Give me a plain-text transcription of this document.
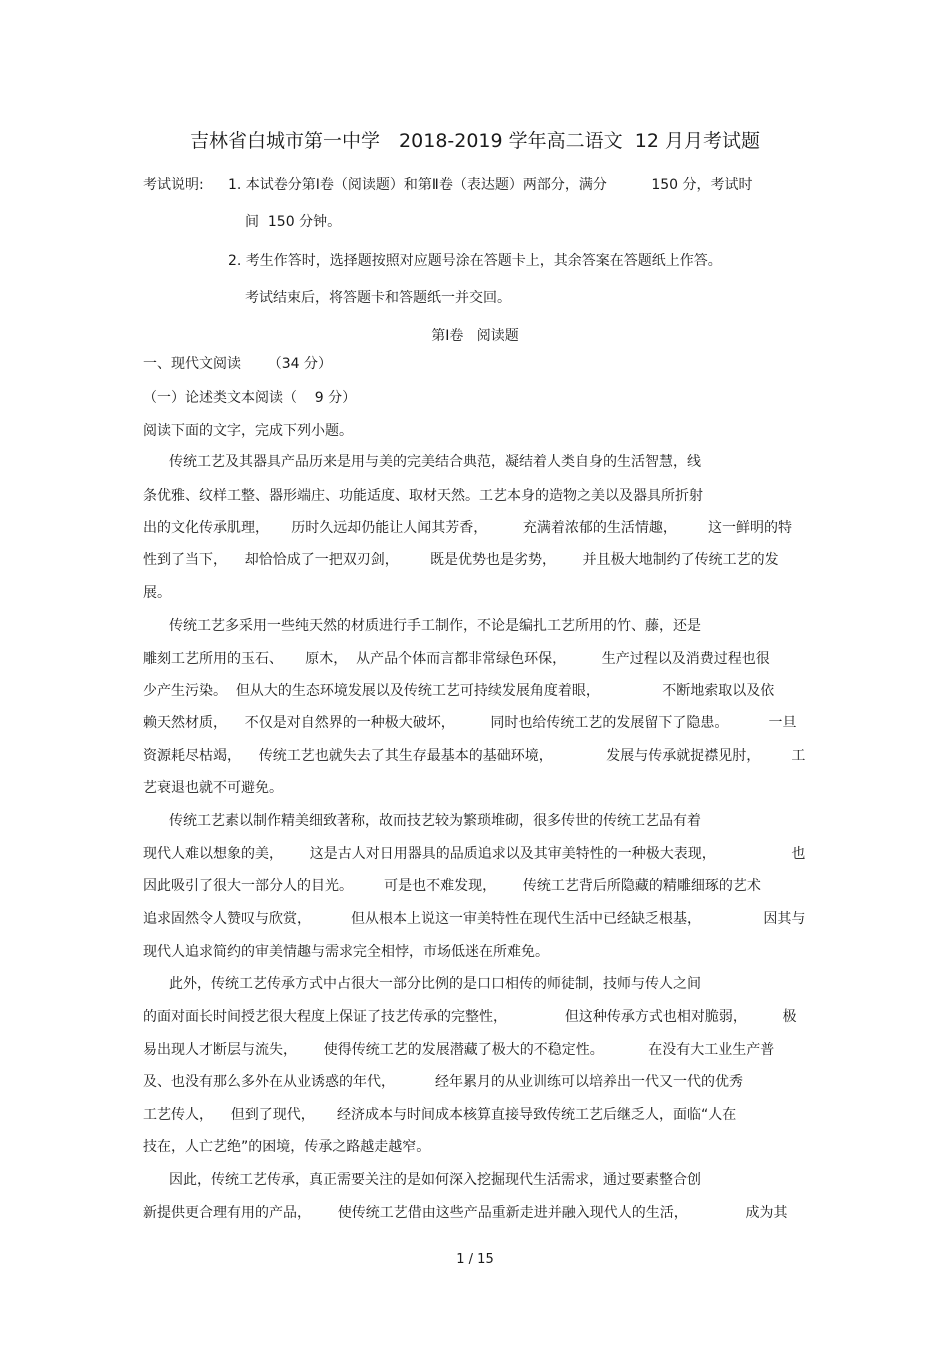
吉林省白城市第一中学　2018-2019 学年高二语文  12 月月考试题
考试说明: 1. 本试卷分第Ⅰ卷（阅读题）和第Ⅱ卷（表达题）两部分，满分          150 分，考试时
间  150 分钟。
2. 考生作答时，选择题按照对应题号涂在答题卡上，其余答案在答题纸上作答。
考试结束后，将答题卡和答题纸一并交回。
第Ⅰ卷   阅读题
一、现代文阅读      （34 分）
（一）论述类文本阅读（    9 分）
阅读下面的文字，完成下列小题。
传统工艺及其器具产品历来是用与美的完美结合典范，凝结着人类自身的生活智慧，线
条优雅、纹样工整、器形端庄、功能适度、取材天然。工艺本身的造物之美以及器具所折射
出的文化传承肌理，     历时久远却仍能让人闻其芳香，        充满着浓郁的生活情趣，       这一鲜明的特
性到了当下，    却恰恰成了一把双刃剑，       既是优势也是劣势，      并且极大地制约了传统工艺的发
展。
传统工艺多采用一些纯天然的材质进行手工制作，不论是编扎工艺所用的竹、藤，还是
雕刻工艺所用的玉石、     原木，  从产品个体而言都非常绿色环保，        生产过程以及消费过程也很
少产生污染。  但从大的生态环境发展以及传统工艺可持续发展角度着眼，              不断地索取以及依
赖天然材质，    不仅是对自然界的一种极大破坏，        同时也给传统工艺的发展留下了隐患。         一旦
资源耗尽枯竭，    传统工艺也就失去了其生存最基本的基础环境，            发展与传承就捉襟见肘，       工
艺衰退也就不可避免。
传统工艺素以制作精美细致著称，故而技艺较为繁琐堆砌，很多传世的传统工艺品有着
现代人难以想象的美，      这是古人对日用器具的品质追求以及其审美特性的一种极大表现，                 也
因此吸引了很大一部分人的目光。       可是也不难发现，      传统工艺背后所隐藏的精雕细琢的艺术
追求固然令人赞叹与欣赏，         但从根本上说这一审美特性在现代生活中已经缺乏根基，              因其与
现代人追求简约的审美情趣与需求完全相悖，市场低迷在所难免。
此外，传统工艺传承方式中占很大一部分比例的是口口相传的师徒制，技师与传人之间
的面对面长时间授艺很大程度上保证了技艺传承的完整性，             但这种传承方式也相对脆弱，        极
易出现人才断层与流失，      使得传统工艺的发展潜藏了极大的不稳定性。          在没有大工业生产普
及、也没有那么多外在从业诱惑的年代，         经年累月的从业训练可以培养出一代又一代的优秀
工艺传人，    但到了现代，     经济成本与时间成本核算直接导致传统工艺后继乏人，面临“人在
技在，人亡艺绝”的困境，传承之路越走越窄。
因此，传统工艺传承，真正需要关注的是如何深入挖掘现代生活需求，通过要素整合创
新提供更合理有用的产品，      使传统工艺借由这些产品重新走进并融入现代人的生活，             成为其
1 / 15
